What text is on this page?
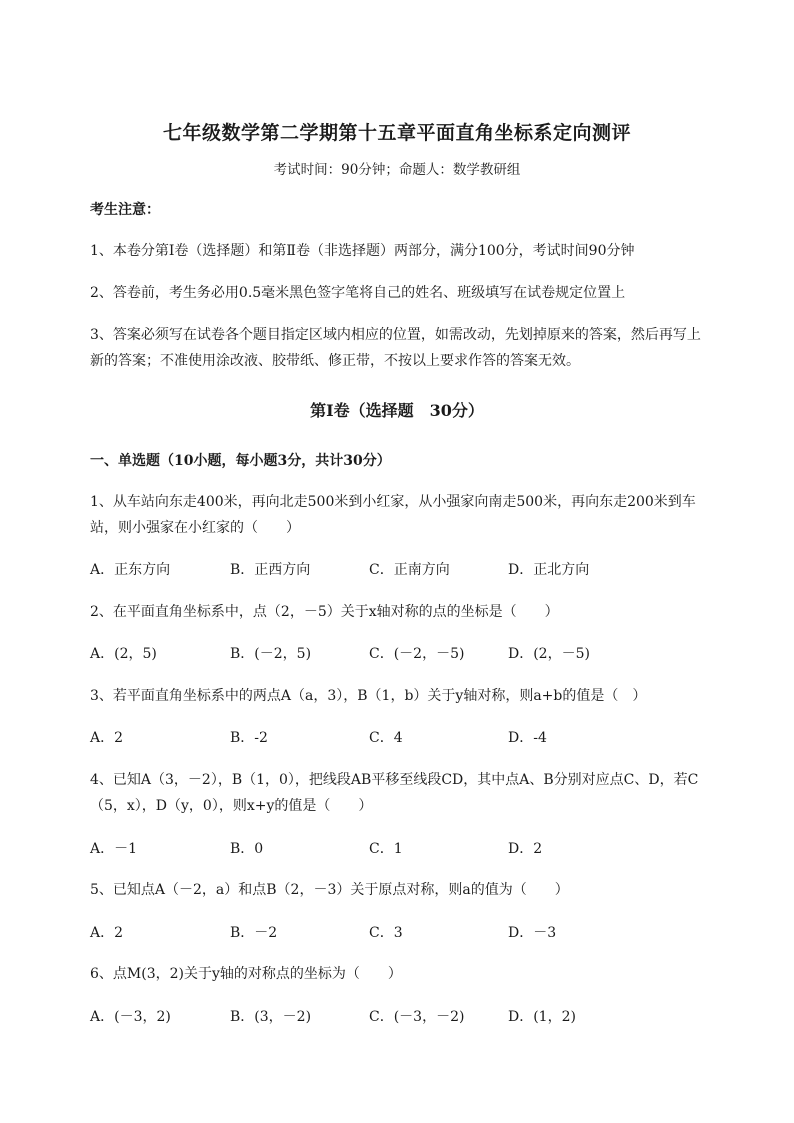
七年级数学第二学期第十五章平面直角坐标系定向测评
考试时间：90分钟；命题人：数学教研组
考生注意：
1、本卷分第I卷（选择题）和第Ⅱ卷（非选择题）两部分，满分100分，考试时间90分钟
2、答卷前，考生务必用0.5毫米黑色签字笔将自己的姓名、班级填写在试卷规定位置上
3、答案必须写在试卷各个题目指定区域内相应的位置，如需改动，先划掉原来的答案，然后再写上新的答案；不准使用涂改液、胶带纸、修正带，不按以上要求作答的答案无效。
第I卷（选择题　30分）
一、单选题（10小题，每小题3分，共计30分）
1、从车站向东走400米，再向北走500米到小红家，从小强家向南走500米，再向东走200米到车
站，则小强家在小红家的（　　）
A．正东方向	B．正西方向	C．正南方向	D．正北方向
2、在平面直角坐标系中，点（2，－5）关于x轴对称的点的坐标是（　　）
A．(2，5)	B．(－2，5)	C．(－2，－5)	D．(2，－5)
3、若平面直角坐标系中的两点A（a，3），B（1，b）关于y轴对称，则a+b的值是（　）
A．2	B．-2	C．4	D．-4
4、已知A（3，－2），B（1，0），把线段AB平移至线段CD，其中点A、B分别对应点C、D，若C
（5，x），D（y，0），则x+y的值是（　　）
A．－1	B．0	C．1	D．2
5、已知点A（－2，a）和点B（2，－3）关于原点对称，则a的值为（　　）
A．2	B．－2	C．3	D．－3
6、点M(3，2)关于y轴的对称点的坐标为（　　）
A．(－3，2)	B．(3，－2)	C．(－3，－2)	D．(1，2)
